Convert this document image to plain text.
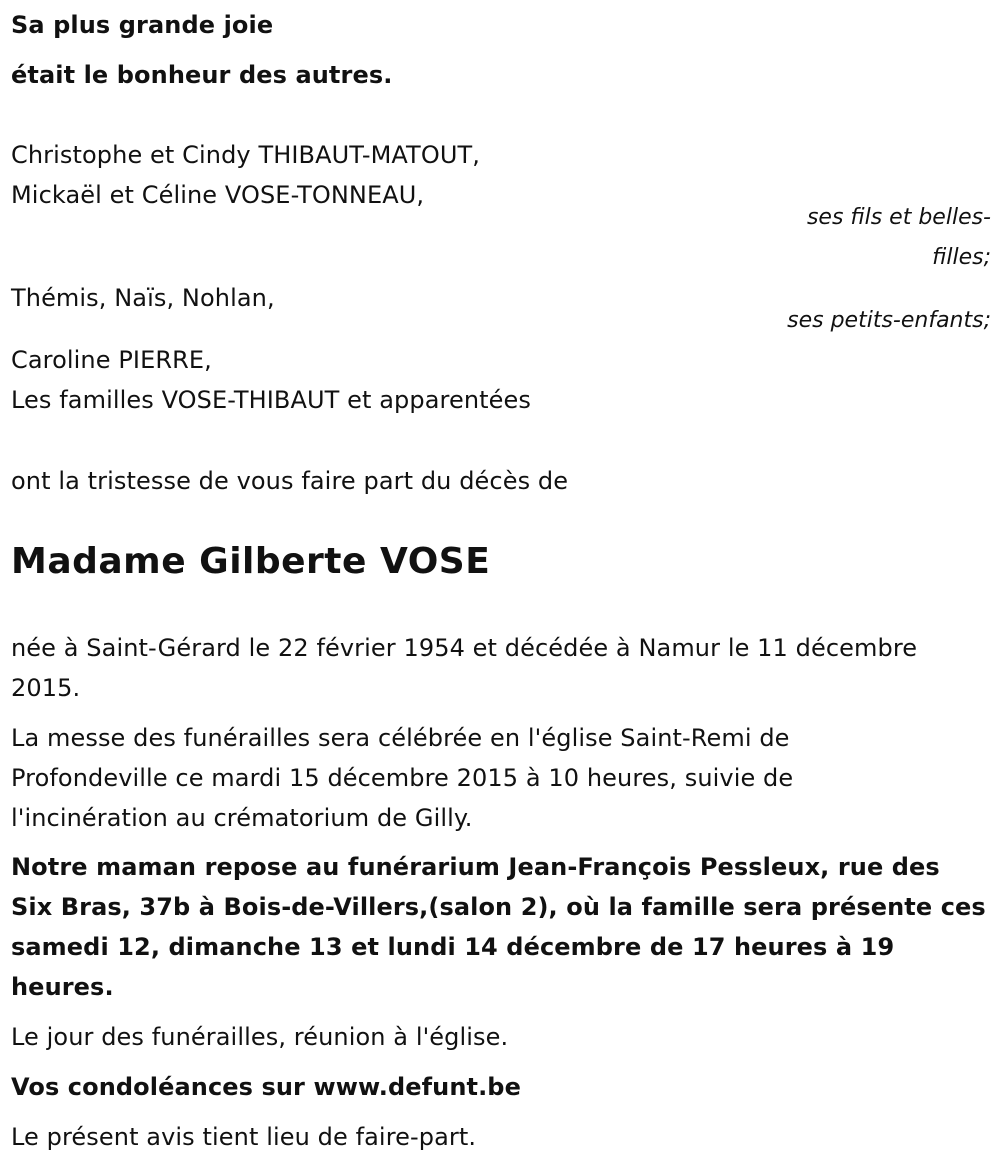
Sa plus grande joie
était le bonheur des autres.
Christophe et Cindy THIBAUT-MATOUT,
Mickaël et Céline VOSE-TONNEAU,
ses fils et belles-
filles;
Thémis, Naïs, Nohlan,
ses petits-enfants;
Caroline PIERRE,
Les familles VOSE-THIBAUT et apparentées
ont la tristesse de vous faire part du décès de
Madame Gilberte VOSE
née à Saint-Gérard le 22 février 1954 et décédée à Namur le 11 décembre
2015.
La messe des funérailles sera célébrée en l'église Saint-Remi de
Profondeville ce mardi 15 décembre 2015 à 10 heures, suivie de
l'incinération au crématorium de Gilly.
Notre maman repose au funérarium Jean-François Pessleux, rue des
Six Bras, 37b à Bois-de-Villers,(salon 2), où la famille sera présente ces
samedi 12, dimanche 13 et lundi 14 décembre de 17 heures à 19
heures.
Le jour des funérailles, réunion à l'église.
Vos condoléances sur www.defunt.be
Le présent avis tient lieu de faire-part.
